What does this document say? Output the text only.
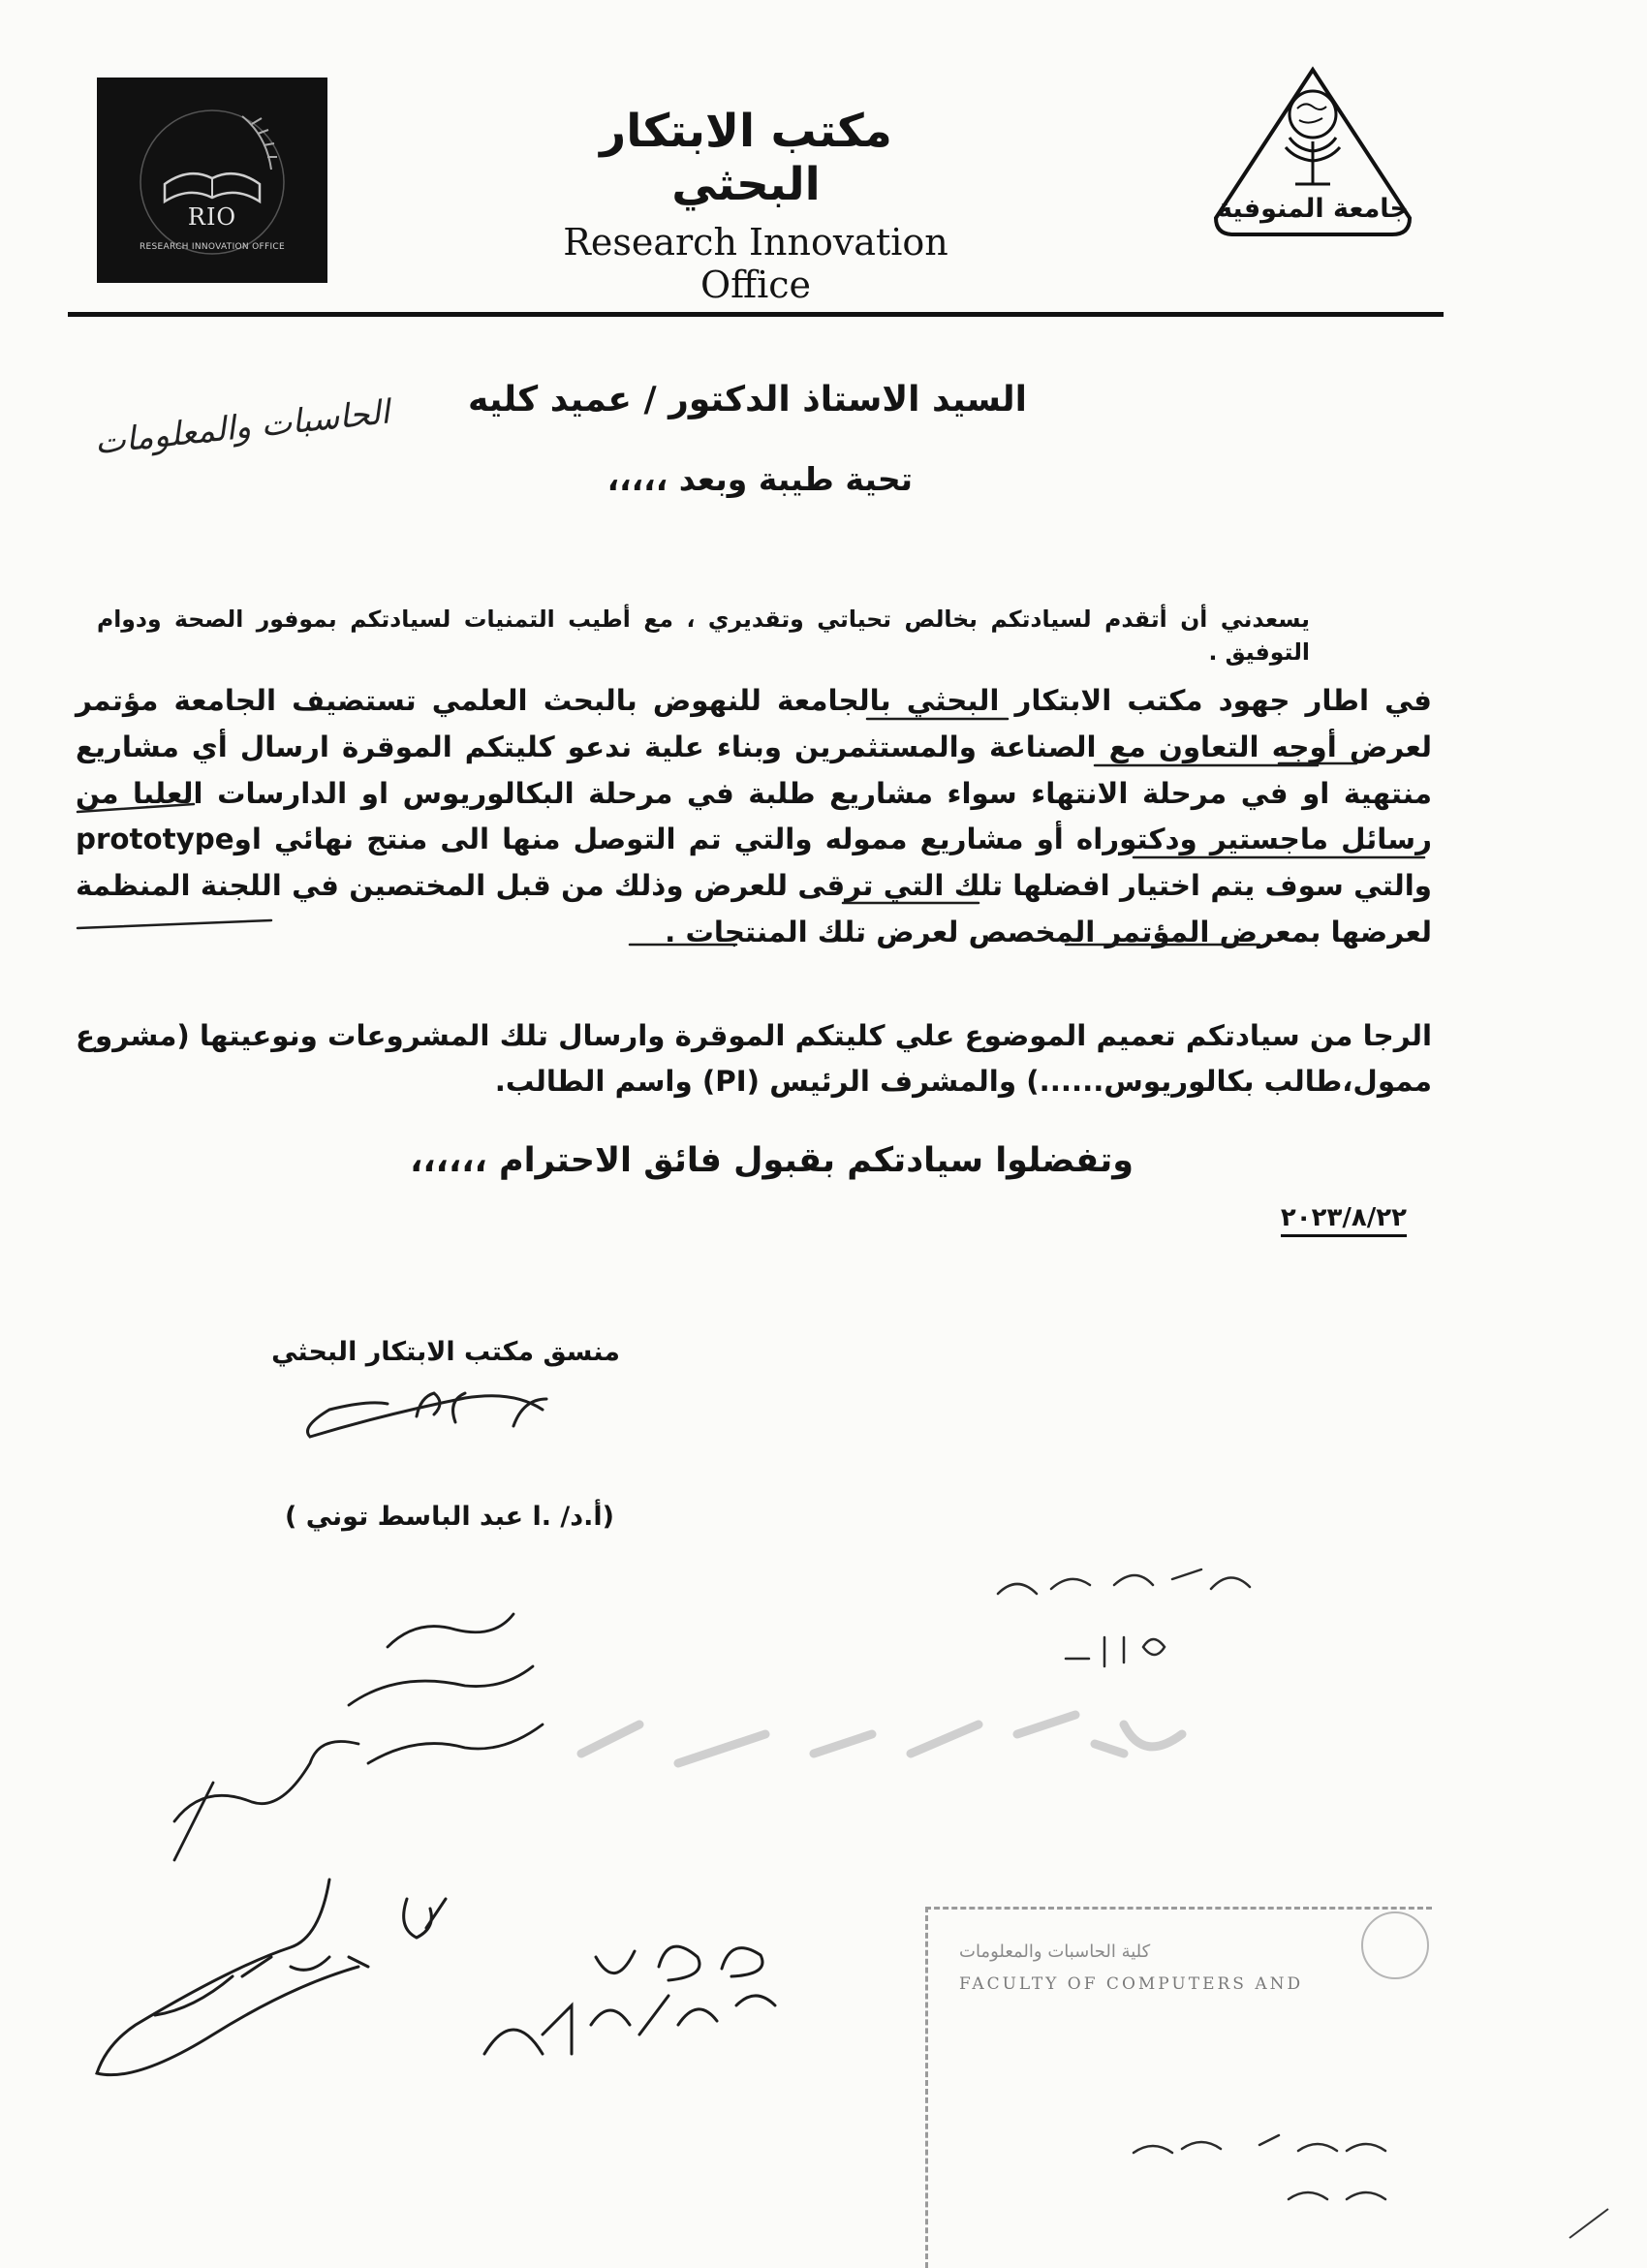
RIO
RESEARCH INNOVATION OFFICE
مكتب الابتكار البحثي
Research Innovation Office
جامعة المنوفية
السيد الاستاذ الدكتور / عميد كليه
الحاسبات والمعلومات
تحية طيبة وبعد ،،،،،
يسعدني أن أتقدم لسيادتكم بخالص تحياتي وتقديري ، مع أطيب التمنيات لسيادتكم بموفور الصحة ودوام التوفيق .
في اطار جهود مكتب الابتكار البحثي بالجامعة للنهوض بالبحث العلمي تستضيف الجامعة مؤتمر لعرض أوجه التعاون مع الصناعة والمستثمرين وبناء علية ندعو كليتكم الموقرة ارسال أي مشاريع منتهية او في مرحلة الانتهاء سواء مشاريع طلبة في مرحلة البكالوريوس او الدارسات العليا من رسائل ماجستير ودكتوراه أو مشاريع مموله والتي تم التوصل منها الى منتج نهائي اوprototype والتي سوف يتم اختيار افضلها تلك التي ترقى للعرض وذلك من قبل المختصين في اللجنة المنظمة لعرضها بمعرض المؤتمر المخصص لعرض تلك المنتجات .
الرجا من سيادتكم تعميم الموضوع علي كليتكم الموقرة وارسال تلك المشروعات ونوعيتها (مشروع ممول،طالب بكالوريوس......) والمشرف الرئيس (PI) واسم الطالب.
وتفضلوا سيادتكم بقبول فائق الاحترام ،،،،،،
٢٠٢٣/٨/٢٢
منسق مكتب الابتكار البحثي
(أ.د/ .ا عبد الباسط توني )
كلية الحاسبات والمعلومات
FACULTY OF COMPUTERS AND
